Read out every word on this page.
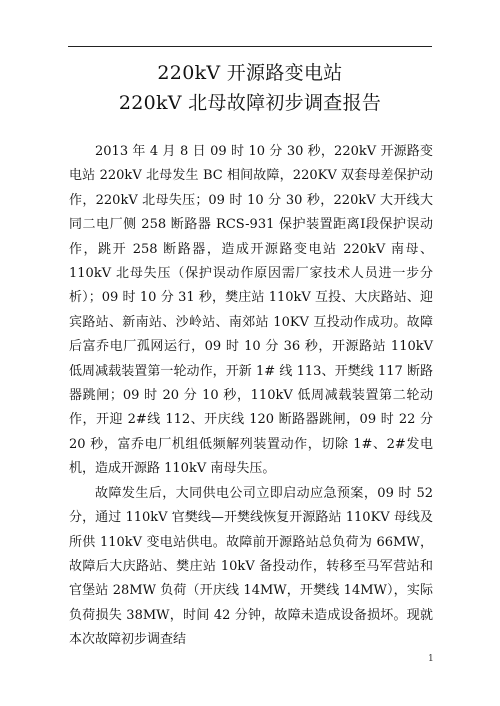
220kV 开源路变电站
220kV 北母故障初步调查报告

2013 年 4 月 8 日 09 时 10 分 30 秒，220kV 开源路变电站 220kV 北母发生 BC 相间故障，220KV 双套母差保护动作，220kV 北母失压；09 时 10 分 30 秒，220kV 大开线大同二电厂侧 258 断路器 RCS-931 保护装置距离Ⅰ段保护误动作，跳开 258 断路器，造成开源路变电站 220kV 南母、110kV 北母失压（保护误动作原因需厂家技术人员进一步分析）；09 时 10 分 31 秒，樊庄站 110kV 互投、大庆路站、迎宾路站、新南站、沙岭站、南郊站 10KV 互投动作成功。故障后富乔电厂孤网运行，09 时 10 分 36 秒，开源路站 110kV 低周减载装置第一轮动作，开新 1# 线 113、开樊线 117 断路器跳闸；09 时 20 分 10 秒，110kV 低周减载装置第二轮动作，开迎 2#线 112、开庆线 120 断路器跳闸，09 时 22 分 20 秒，富乔电厂机组低频解列装置动作，切除 1#、2#发电机，造成开源路 110kV 南母失压。

故障发生后，大同供电公司立即启动应急预案，09 时 52 分，通过 110kV 官樊线—开樊线恢复开源路站 110KV 母线及所供 110kV 变电站供电。故障前开源路站总负荷为 66MW，故障后大庆路站、樊庄站 10kV 备投动作，转移至马军营站和官堡站 28MW 负荷（开庆线 14MW，开樊线 14MW），实际负荷损失 38MW，时间 42 分钟，故障未造成设备损坏。现就本次故障初步调查结

1
